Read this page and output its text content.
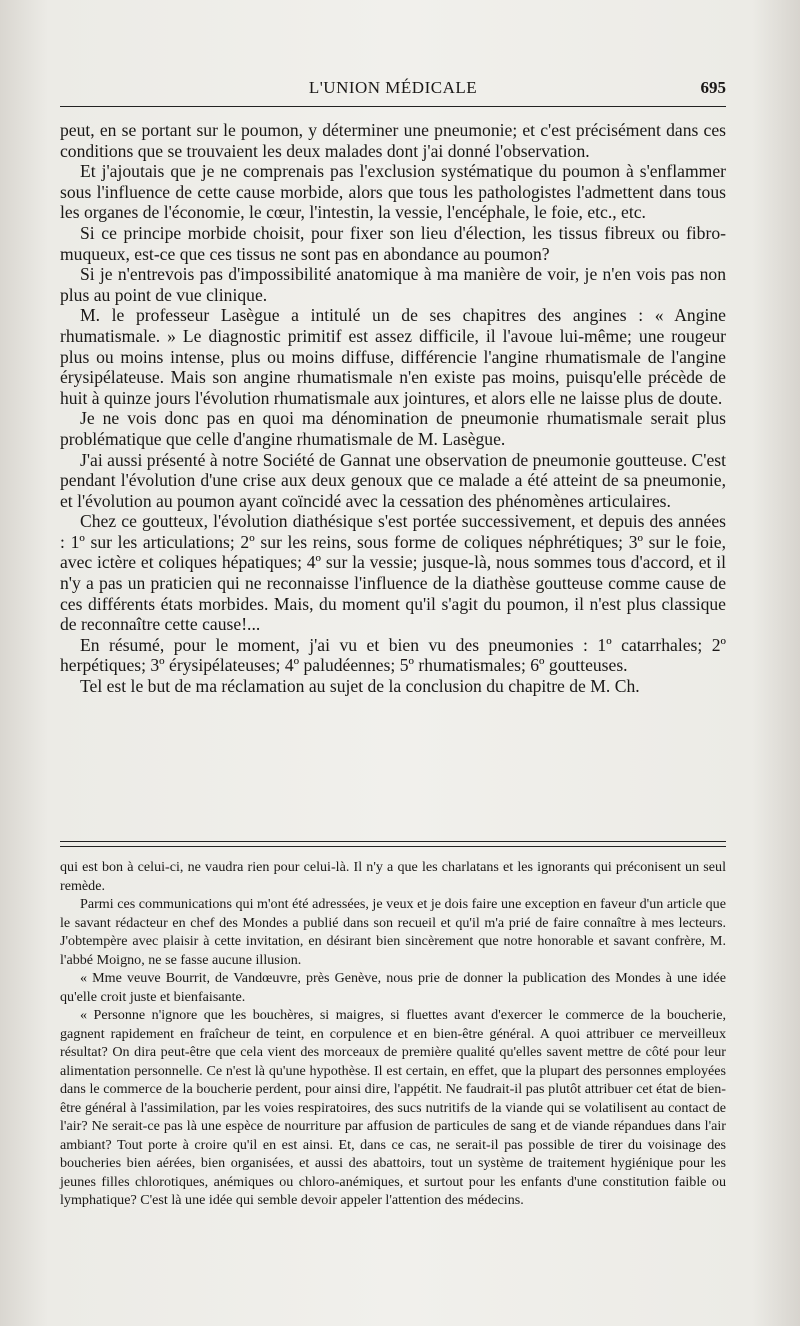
L'UNION MÉDICALE	695

peut, en se portant sur le poumon, y déterminer une pneumonie; et c'est précisément dans ces conditions que se trouvaient les deux malades dont j'ai donné l'observation.

Et j'ajoutais que je ne comprenais pas l'exclusion systématique du poumon à s'enflammer sous l'influence de cette cause morbide, alors que tous les pathologistes l'admettent dans tous les organes de l'économie, le cœur, l'intestin, la vessie, l'encéphale, le foie, etc., etc.

Si ce principe morbide choisit, pour fixer son lieu d'élection, les tissus fibreux ou fibro-muqueux, est-ce que ces tissus ne sont pas en abondance au poumon?

Si je n'entrevois pas d'impossibilité anatomique à ma manière de voir, je n'en vois pas non plus au point de vue clinique.

M. le professeur Lasègue a intitulé un de ses chapitres des angines : « Angine rhumatismale. » Le diagnostic primitif est assez difficile, il l'avoue lui-même; une rougeur plus ou moins intense, plus ou moins diffuse, différencie l'angine rhumatismale de l'angine érysipélateuse. Mais son angine rhumatismale n'en existe pas moins, puisqu'elle précède de huit à quinze jours l'évolution rhumatismale aux jointures, et alors elle ne laisse plus de doute.

Je ne vois donc pas en quoi ma dénomination de pneumonie rhumatismale serait plus problématique que celle d'angine rhumatismale de M. Lasègue.

J'ai aussi présenté à notre Société de Gannat une observation de pneumonie goutteuse. C'est pendant l'évolution d'une crise aux deux genoux que ce malade a été atteint de sa pneumonie, et l'évolution au poumon ayant coïncidé avec la cessation des phénomènes articulaires.

Chez ce goutteux, l'évolution diathésique s'est portée successivement, et depuis des années : 1º sur les articulations; 2º sur les reins, sous forme de coliques néphrétiques; 3º sur le foie, avec ictère et coliques hépatiques; 4º sur la vessie; jusque-là, nous sommes tous d'accord, et il n'y a pas un praticien qui ne reconnaisse l'influence de la diathèse goutteuse comme cause de ces différents états morbides. Mais, du moment qu'il s'agit du poumon, il n'est plus classique de reconnaître cette cause!...

En résumé, pour le moment, j'ai vu et bien vu des pneumonies : 1º catarrhales; 2º herpétiques; 3º érysipélateuses; 4º paludéennes; 5º rhumatismales; 6º goutteuses.

Tel est le but de ma réclamation au sujet de la conclusion du chapitre de M. Ch.

qui est bon à celui-ci, ne vaudra rien pour celui-là. Il n'y a que les charlatans et les ignorants qui préconisent un seul remède.

Parmi ces communications qui m'ont été adressées, je veux et je dois faire une exception en faveur d'un article que le savant rédacteur en chef des Mondes a publié dans son recueil et qu'il m'a prié de faire connaître à mes lecteurs. J'obtempère avec plaisir à cette invitation, en désirant bien sincèrement que notre honorable et savant confrère, M. l'abbé Moigno, ne se fasse aucune illusion.

« Mme veuve Bourrit, de Vandœuvre, près Genève, nous prie de donner la publication des Mondes à une idée qu'elle croit juste et bienfaisante.

« Personne n'ignore que les bouchères, si maigres, si fluettes avant d'exercer le commerce de la boucherie, gagnent rapidement en fraîcheur de teint, en corpulence et en bien-être général. A quoi attribuer ce merveilleux résultat? On dira peut-être que cela vient des morceaux de première qualité qu'elles savent mettre de côté pour leur alimentation personnelle. Ce n'est là qu'une hypothèse. Il est certain, en effet, que la plupart des personnes employées dans le commerce de la boucherie perdent, pour ainsi dire, l'appétit. Ne faudrait-il pas plutôt attribuer cet état de bien-être général à l'assimilation, par les voies respiratoires, des sucs nutritifs de la viande qui se volatilisent au contact de l'air? Ne serait-ce pas là une espèce de nourriture par affusion de particules de sang et de viande répandues dans l'air ambiant? Tout porte à croire qu'il en est ainsi. Et, dans ce cas, ne serait-il pas possible de tirer du voisinage des boucheries bien aérées, bien organisées, et aussi des abattoirs, tout un système de traitement hygiénique pour les jeunes filles chlorotiques, anémiques ou chloro-anémiques, et surtout pour les enfants d'une constitution faible ou lymphatique? C'est là une idée qui semble devoir appeler l'attention des médecins.
